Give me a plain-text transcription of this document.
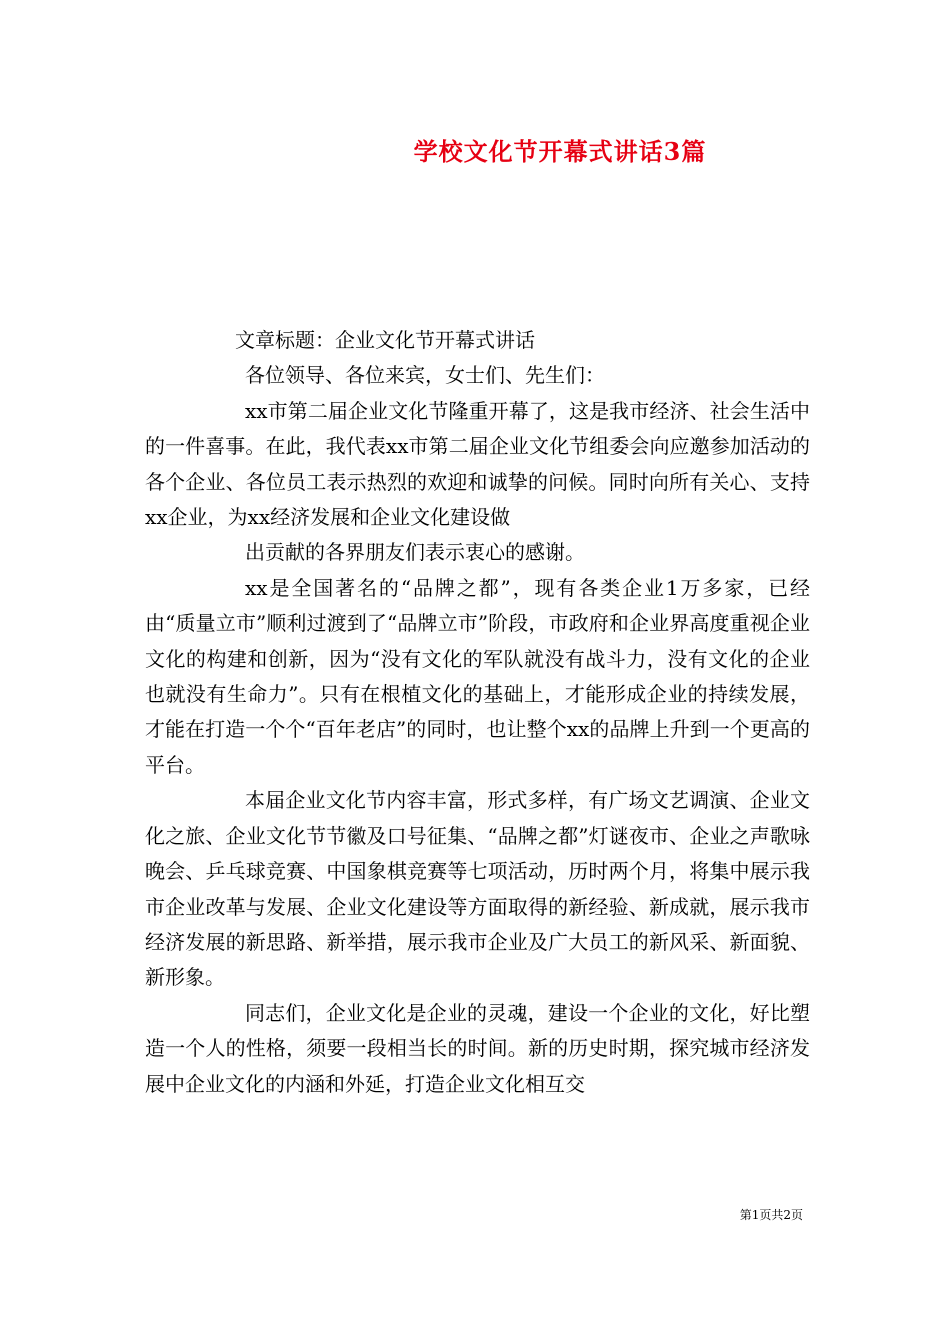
学校文化节开幕式讲话3篇

文章标题：企业文化节开幕式讲话

各位领导、各位来宾，女士们、先生们：

xx市第二届企业文化节隆重开幕了，这是我市经济、社会生活中的一件喜事。在此，我代表xx市第二届企业文化节组委会向应邀参加活动的各个企业、各位员工表示热烈的欢迎和诚挚的问候。同时向所有关心、支持xx企业，为xx经济发展和企业文化建设做

出贡献的各界朋友们表示衷心的感谢。

xx是全国著名的“品牌之都”，现有各类企业1万多家，已经由“质量立市”顺利过渡到了“品牌立市”阶段，市政府和企业界高度重视企业文化的构建和创新，因为“没有文化的军队就没有战斗力，没有文化的企业也就没有生命力”。只有在根植文化的基础上，才能形成企业的持续发展，才能在打造一个个“百年老店”的同时，也让整个xx的品牌上升到一个更高的平台。

本届企业文化节内容丰富，形式多样，有广场文艺调演、企业文化之旅、企业文化节节徽及口号征集、“品牌之都”灯谜夜市、企业之声歌咏晚会、乒乓球竞赛、中国象棋竞赛等七项活动，历时两个月，将集中展示我市企业改革与发展、企业文化建设等方面取得的新经验、新成就，展示我市经济发展的新思路、新举措，展示我市企业及广大员工的新风采、新面貌、新形象。

同志们，企业文化是企业的灵魂，建设一个企业的文化，好比塑造一个人的性格，须要一段相当长的时间。新的历史时期，探究城市经济发展中企业文化的内涵和外延，打造企业文化相互交

第1页共2页
